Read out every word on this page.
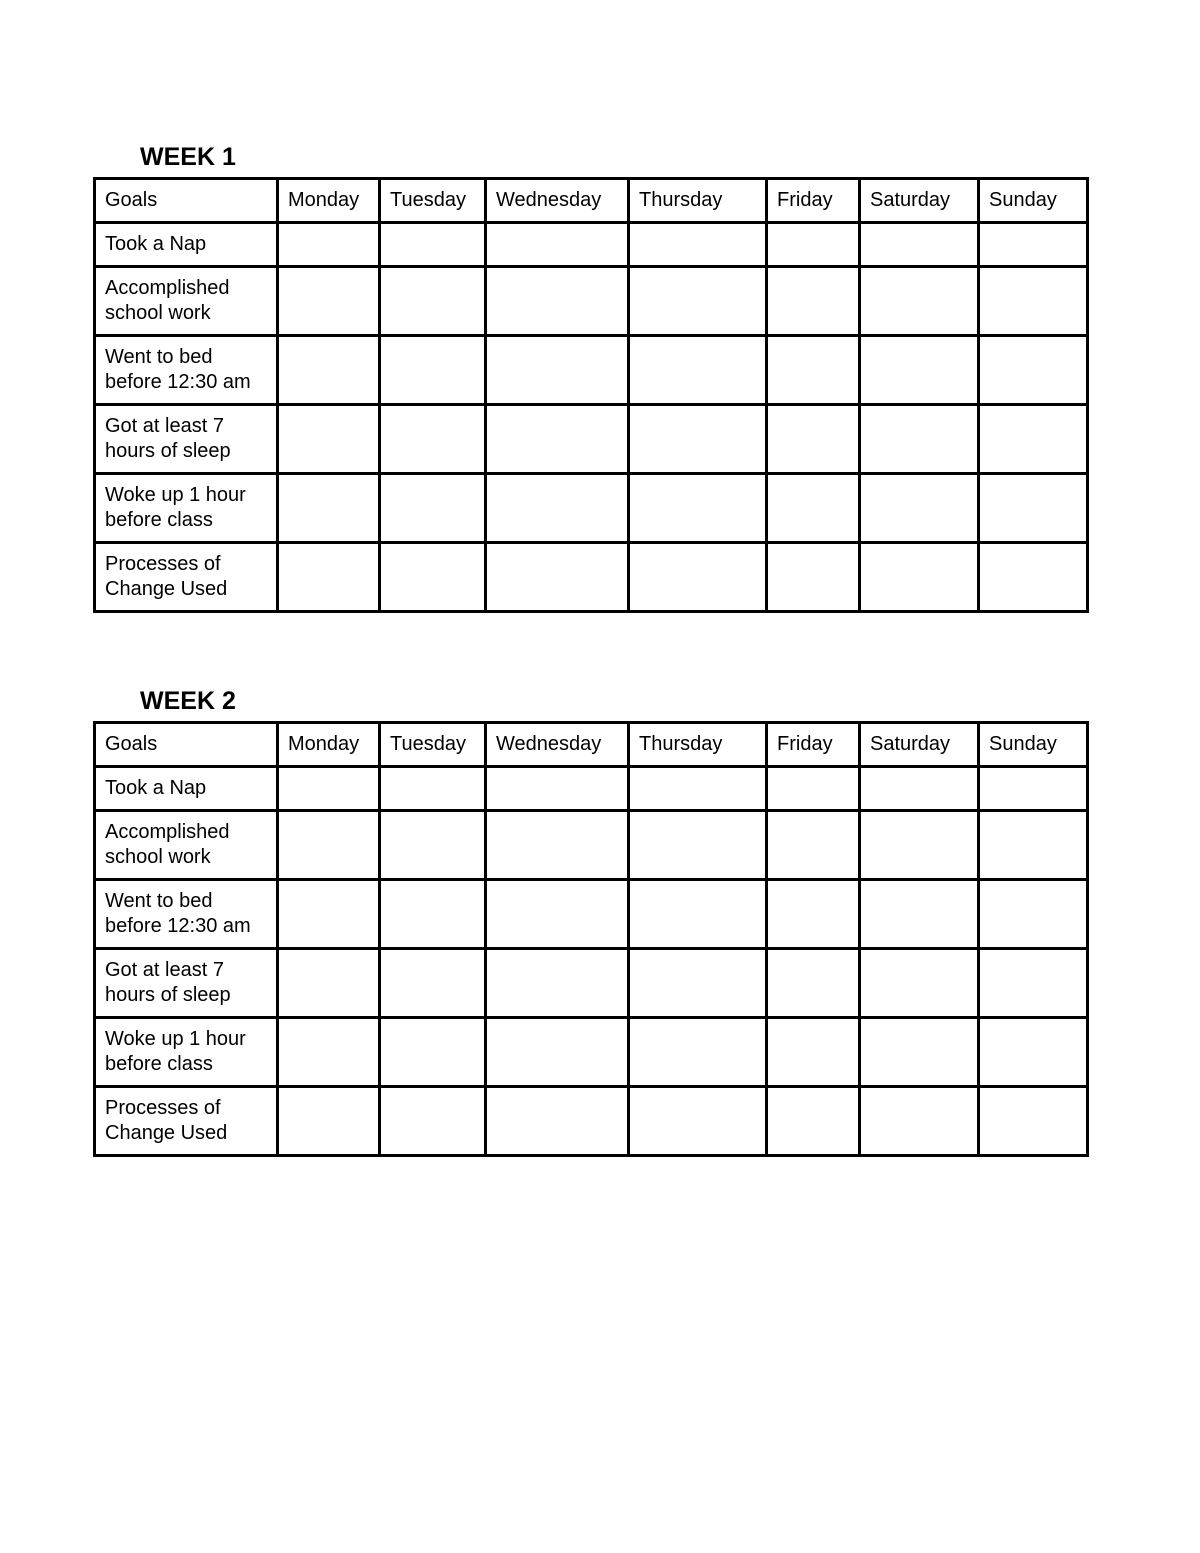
WEEK 1
Goals	Monday	Tuesday	Wednesday	Thursday	Friday	Saturday	Sunday

Took a Nap							

Accomplished
school work							

Went to bed
before 12:30 am							

Got at least 7
hours of sleep							

Woke up 1 hour
before class							

Processes of
Change Used							

WEEK 2
Goals	Monday	Tuesday	Wednesday	Thursday	Friday	Saturday	Sunday

Took a Nap							

Accomplished
school work							

Went to bed
before 12:30 am							

Got at least 7
hours of sleep							

Woke up 1 hour
before class							

Processes of
Change Used							
